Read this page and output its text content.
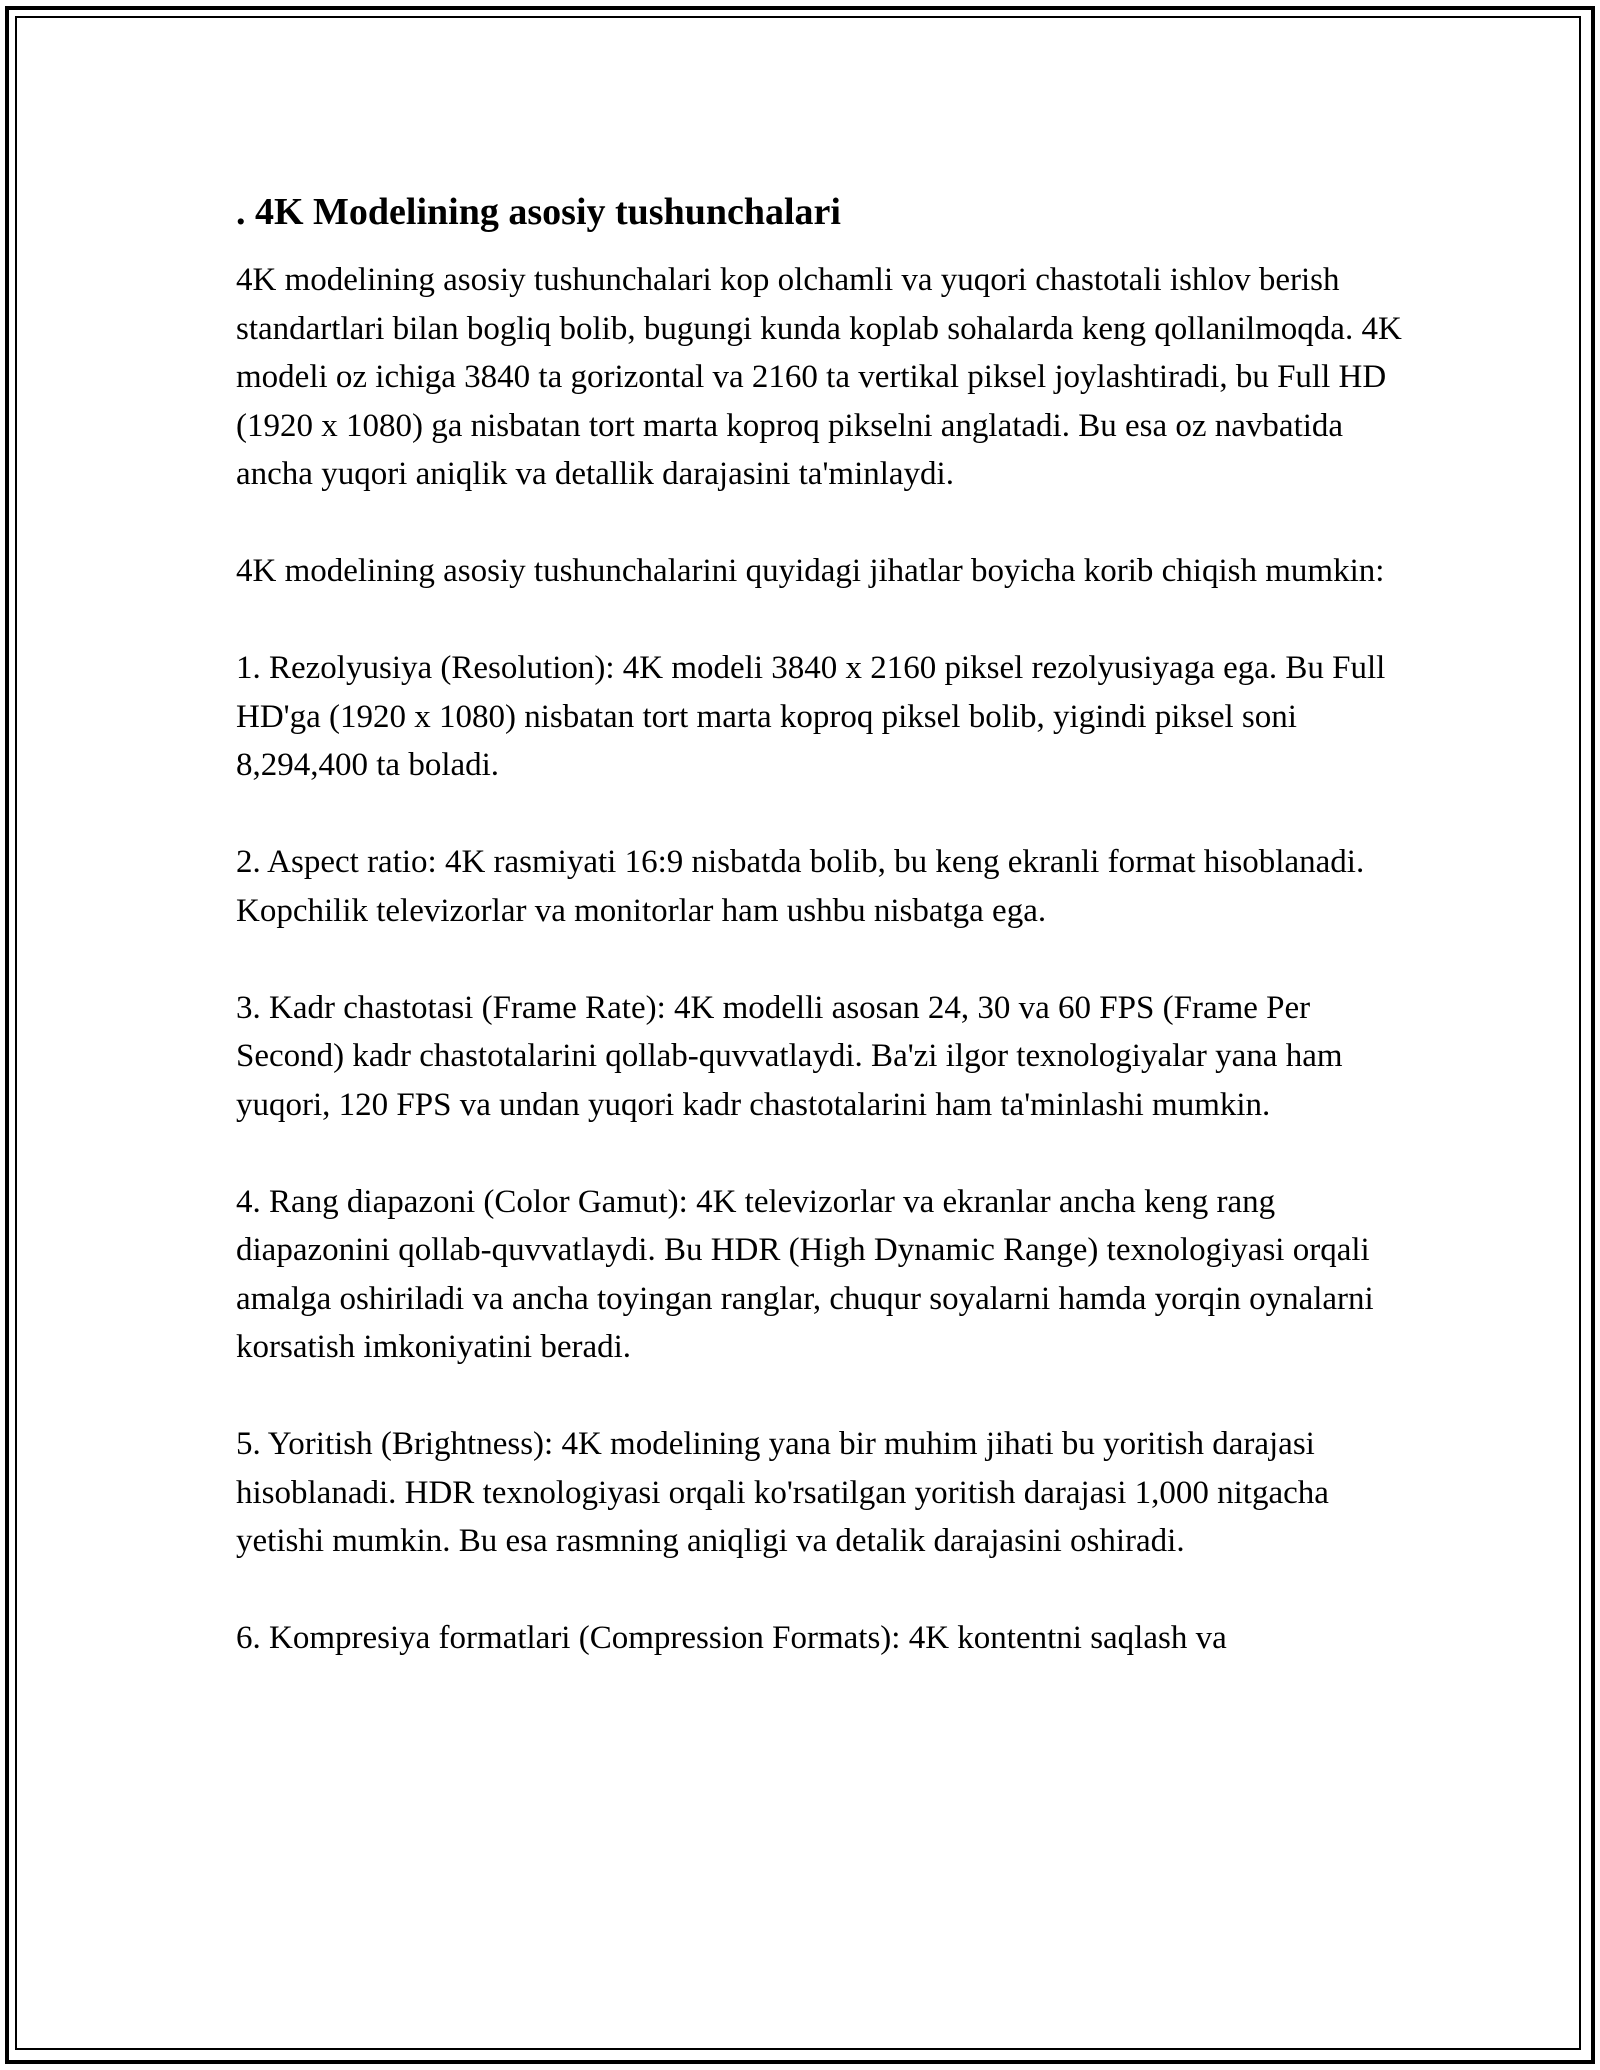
. 4K Modelining asosiy tushunchalari

4K modelining asosiy tushunchalari kop olchamli va yuqori chastotali ishlov berish standartlari bilan bogliq bolib, bugungi kunda koplab sohalarda keng qollanilmoqda. 4K modeli oz ichiga 3840 ta gorizontal va 2160 ta vertikal piksel joylashtiradi, bu Full HD (1920 x 1080) ga nisbatan tort marta koproq pikselni anglatadi. Bu esa oz navbatida ancha yuqori aniqlik va detallik darajasini ta'minlaydi.

4K modelining asosiy tushunchalarini quyidagi jihatlar boyicha korib chiqish mumkin:

1. Rezolyusiya (Resolution): 4K modeli 3840 x 2160 piksel rezolyusiyaga ega. Bu Full HD'ga (1920 x 1080) nisbatan tort marta koproq piksel bolib, yigindi piksel soni 8,294,400 ta boladi.

2. Aspect ratio: 4K rasmiyati 16:9 nisbatda bolib, bu keng ekranli format hisoblanadi. Kopchilik televizorlar va monitorlar ham ushbu nisbatga ega.

3. Kadr chastotasi (Frame Rate): 4K modelli asosan 24, 30 va 60 FPS (Frame Per Second) kadr chastotalarini qollab-quvvatlaydi. Ba'zi ilgor texnologiyalar yana ham yuqori, 120 FPS va undan yuqori kadr chastotalarini ham ta'minlashi mumkin.

4. Rang diapazoni (Color Gamut): 4K televizorlar va ekranlar ancha keng rang diapazonini qollab-quvvatlaydi. Bu HDR (High Dynamic Range) texnologiyasi orqali amalga oshiriladi va ancha toyingan ranglar, chuqur soyalarni hamda yorqin oynalarni korsatish imkoniyatini beradi.

5. Yoritish (Brightness): 4K modelining yana bir muhim jihati bu yoritish darajasi hisoblanadi. HDR texnologiyasi orqali ko'rsatilgan yoritish darajasi 1,000 nitgacha yetishi mumkin. Bu esa rasmning aniqligi va detalik darajasini oshiradi.

6. Kompresiya formatlari (Compression Formats): 4K kontentni saqlash va
